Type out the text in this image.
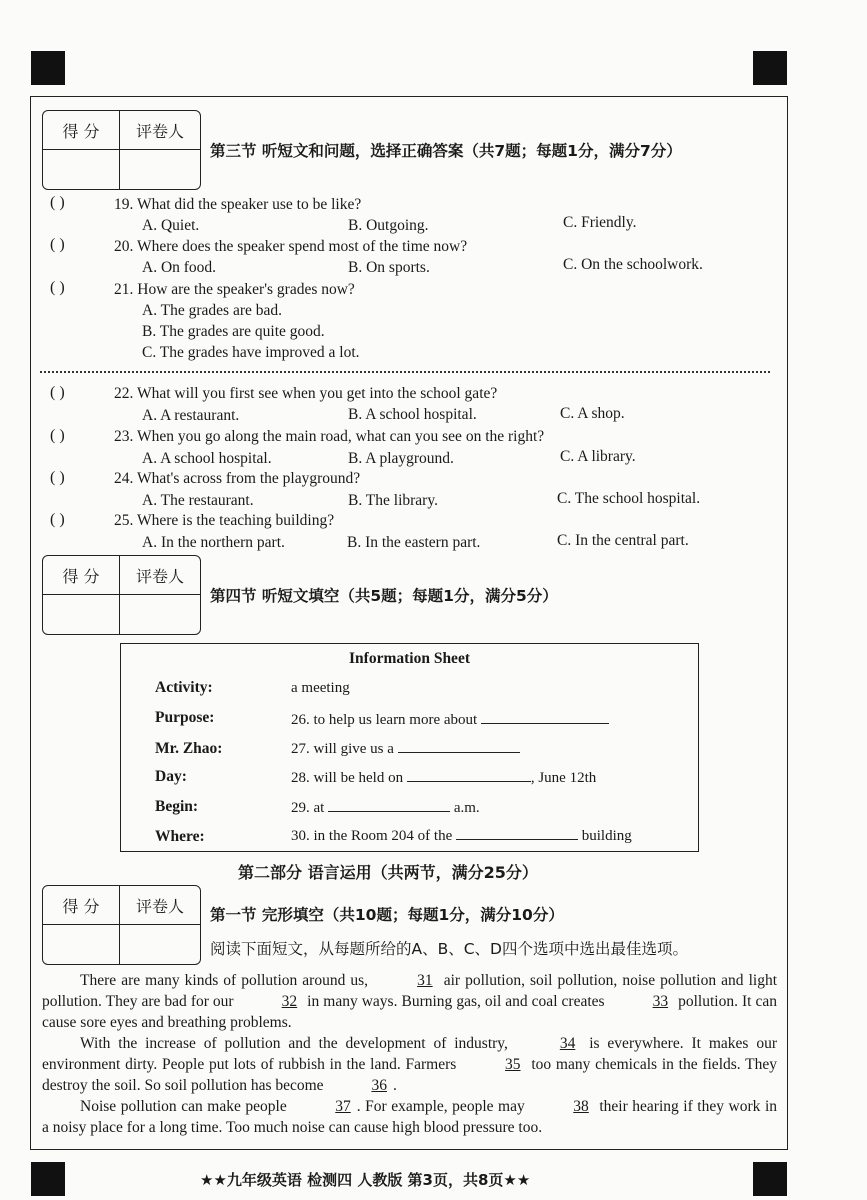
得 分	评卷人
第三节 听短文和问题，选择正确答案（共7题；每题1分，满分7分）
( )	19. What did the speaker use to be like?
A. Quiet.	B. Outgoing.	C. Friendly.
( )	20. Where does the speaker spend most of the time now?
A. On food.	B. On sports.	C. On the schoolwork.
( )	21. How are the speaker's grades now?
A. The grades are bad.
B. The grades are quite good.
C. The grades have improved a lot.
( )	22. What will you first see when you get into the school gate?
A. A restaurant.	B. A school hospital.	C. A shop.
( )	23. When you go along the main road, what can you see on the right?
A. A school hospital.	B. A playground.	C. A library.
( )	24. What's across from the playground?
A. The restaurant.	B. The library.	C. The school hospital.
( )	25. Where is the teaching building?
A. In the northern part.	B. In the eastern part.	C. In the central part.
得 分	评卷人
第四节 听短文填空（共5题；每题1分，满分5分）
Information Sheet
Activity:	a meeting
Purpose:	26. to help us learn more about
Mr. Zhao:	27. will give us a
Day:	28. will be held on	, June 12th
Begin:	29. at	a.m.
Where:	30. in the Room 204 of the	building
第二部分 语言运用（共两节，满分25分）
得 分	评卷人	第一节 完形填空（共10题；每题1分，满分10分）
阅读下面短文，从每题所给的A、B、C、D四个选项中选出最佳选项。
There are many kinds of pollution around us,	31 air pollution, soil pollution, noise pollution and light pollution. They are bad for our	32 in many ways. Burning gas, oil and coal creates	33 pollution. It can cause sore eyes and breathing problems.
With the increase of pollution and the development of industry,	34 is everywhere. It makes our environment dirty. People put lots of rubbish in the land. Farmers	35 too many chemicals in the fields. They destroy the soil. So soil pollution has become	36 .
Noise pollution can make people	37 . For example, people may	38 their hearing if they work in a noisy place for a long time. Too much noise can cause high blood pressure too.
★★九年级英语 检测四 人教版 第3页，共8页★★
